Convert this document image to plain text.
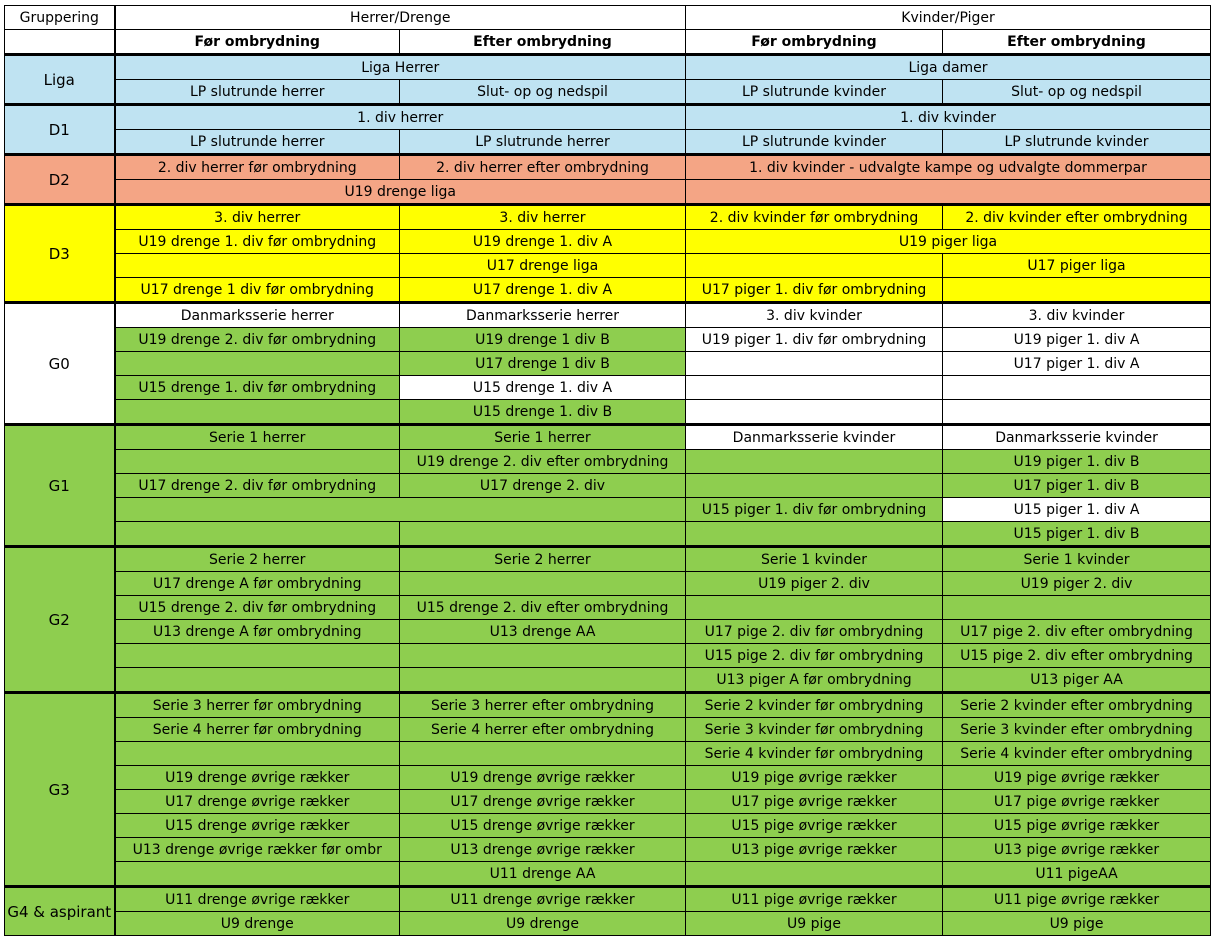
Gruppering	Herrer/Drenge		Kvinder/Piger	
	Før ombrydning	Efter ombrydning	Før ombrydning	Efter ombrydning
Liga	Liga Herrer		Liga damer	
	LP slutrunde herrer	Slut- op og nedspil	LP slutrunde kvinder	Slut- op og nedspil
D1	1. div herrer		1. div kvinder	
	LP slutrunde herrer	LP slutrunde herrer	LP slutrunde kvinder	LP slutrunde kvinder
D2	2. div herrer før ombrydning	2. div herrer efter ombrydning	1. div kvinder - udvalgte kampe og udvalgte dommerpar	
	U19 drenge liga			
D3	3. div herrer	3. div herrer	2. div kvinder før ombrydning	2. div kvinder efter ombrydning
	U19 drenge 1. div før ombrydning	U19 drenge 1. div A	U19 piger liga	
		U17 drenge liga		U17 piger liga
	U17 drenge 1 div før ombrydning	U17 drenge 1. div A	U17 piger 1. div før ombrydning	
G0	Danmarksserie herrer	Danmarksserie herrer	3. div kvinder	3. div kvinder
	U19 drenge 2. div før ombrydning	U19 drenge 1 div B	U19 piger 1. div før ombrydning	U19 piger 1. div A
		U17 drenge 1 div B		U17 piger 1. div A
	U15 drenge 1. div før ombrydning	U15 drenge 1. div A		
		U15 drenge 1. div B		
G1	Serie 1 herrer	Serie 1 herrer	Danmarksserie kvinder	Danmarksserie kvinder
		U19 drenge 2. div efter ombrydning		U19 piger 1. div B
	U17 drenge 2. div før ombrydning	U17 drenge 2. div		U17 piger 1. div B
			U15 piger 1. div før ombrydning	U15 piger 1. div A
				U15 piger 1. div B
G2	Serie 2 herrer	Serie 2 herrer	Serie 1 kvinder	Serie 1 kvinder
	U17 drenge A før ombrydning		U19 piger 2. div	U19 piger 2. div
	U15 drenge 2. div før ombrydning	U15 drenge 2. div efter ombrydning		
	U13 drenge A før ombrydning	U13 drenge AA	U17 pige 2. div før ombrydning	U17 pige 2. div efter ombrydning
			U15 pige 2. div før ombrydning	U15 pige 2. div efter ombrydning
			U13 piger A før ombrydning	U13 piger AA
G3	Serie 3 herrer før ombrydning	Serie 3 herrer efter ombrydning	Serie 2 kvinder før ombrydning	Serie 2 kvinder efter ombrydning
	Serie 4 herrer før ombrydning	Serie 4 herrer efter ombrydning	Serie 3 kvinder før ombrydning	Serie 3 kvinder efter ombrydning
			Serie 4 kvinder før ombrydning	Serie 4 kvinder efter ombrydning
	U19 drenge øvrige rækker	U19 drenge øvrige rækker	U19 pige øvrige rækker	U19 pige øvrige rækker
	U17 drenge øvrige rækker	U17 drenge øvrige rækker	U17 pige øvrige rækker	U17 pige øvrige rækker
	U15 drenge øvrige rækker	U15 drenge øvrige rækker	U15 pige øvrige rækker	U15 pige øvrige rækker
	U13 drenge øvrige rækker før ombr	U13 drenge øvrige rækker	U13 pige øvrige rækker	U13 pige øvrige rækker
		U11 drenge AA		U11 pigeAA
G4 & aspirant	U11 drenge øvrige rækker	U11 drenge øvrige rækker	U11 pige øvrige rækker	U11 pige øvrige rækker
	U9 drenge	U9 drenge	U9 pige	U9 pige
